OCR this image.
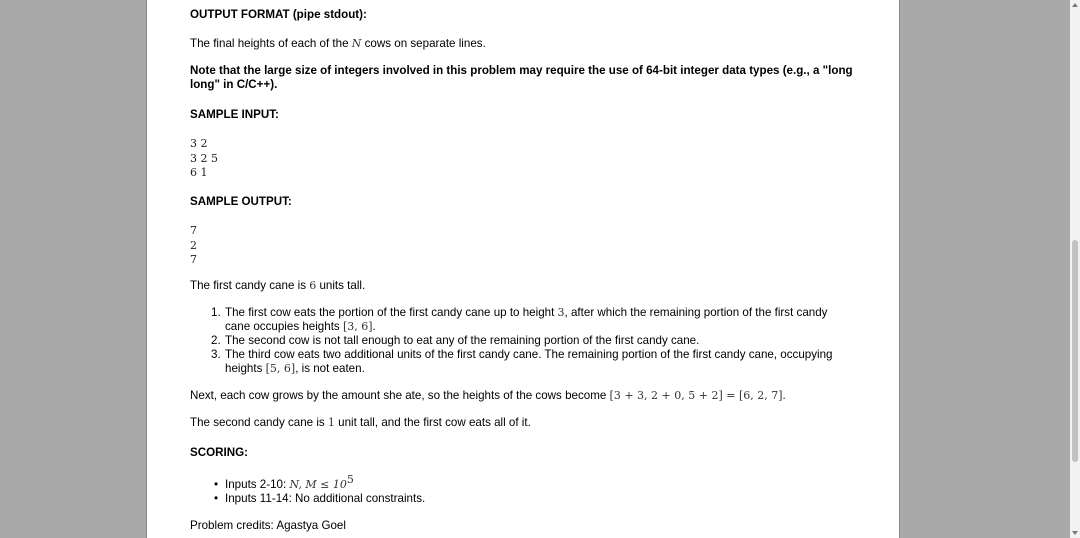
OUTPUT FORMAT (pipe stdout):
The final heights of each of the N cows on separate lines.
Note that the large size of integers involved in this problem may require the use of 64-bit integer data types (e.g., a "long long" in C/C++).
SAMPLE INPUT:
3 2
3 2 5
6 1
SAMPLE OUTPUT:
7
2
7
The first candy cane is 6 units tall.
1. The first cow eats the portion of the first candy cane up to height 3, after which the remaining portion of the first candy
cane occupies heights [3, 6].
2. The second cow is not tall enough to eat any of the remaining portion of the first candy cane.
3. The third cow eats two additional units of the first candy cane. The remaining portion of the first candy cane, occupying
heights [5, 6], is not eaten.
Next, each cow grows by the amount she ate, so the heights of the cows become [3 + 3, 2 + 0, 5 + 2] = [6, 2, 7].
The second candy cane is 1 unit tall, and the first cow eats all of it.
SCORING:
• Inputs 2-10: N, $M \le 10^5$
• Inputs 11-14: No additional constraints.
Problem credits: Agastya Goel
